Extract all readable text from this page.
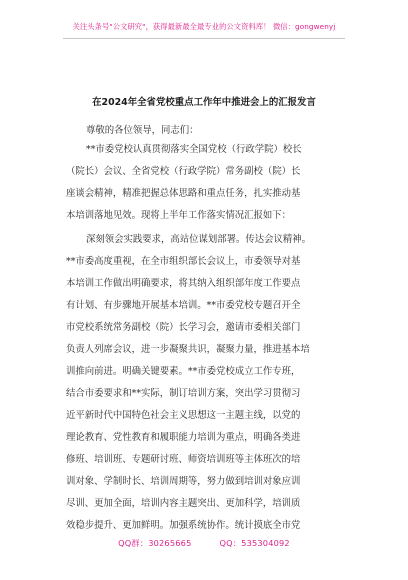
关注头条号"公文研究"，获得最新最全最专业的公文资料库！ 微信：gongwenyj
在2024年全省党校重点工作年中推进会上的汇报发言
尊敬的各位领导，同志们：
**市委党校认真贯彻落实全国党校（行政学院）校长
（院长）会议、全省党校（行政学院）常务副校（院）长
座谈会精神，精准把握总体思路和重点任务，扎实推动基
本培训落地见效。现将上半年工作落实情况汇报如下：
深刻领会实践要求，高站位谋划部署。传达会议精神。
**市委高度重视，在全市组织部长会议上，市委领导对基
本培训工作做出明确要求，将其纳入组织部年度工作要点
有计划、有步骤地开展基本培训。**市委党校专题召开全
市党校系统常务副校（院）长学习会，邀请市委相关部门
负责人列席会议，进一步凝聚共识，凝聚力量，推进基本培
训推向前进。明确关键要素。**市委党校成立工作专班，
结合市委要求和**实际，制订培训方案，突出学习贯彻习
近平新时代中国特色社会主义思想这一主题主线，以党的
理论教育、党性教育和履职能力培训为重点，明确各类进
修班、培训班、专题研讨班、师资培训班等主体班次的培
训对象、学制时长、培训周期等，努力做到培训对象应训
尽训、更加全面，培训内容主题突出、更加科学，培训质
效稳步提升、更加鲜明。加强系统协作。统计摸底全市党
QQ群：30265665	QQ：535304092
